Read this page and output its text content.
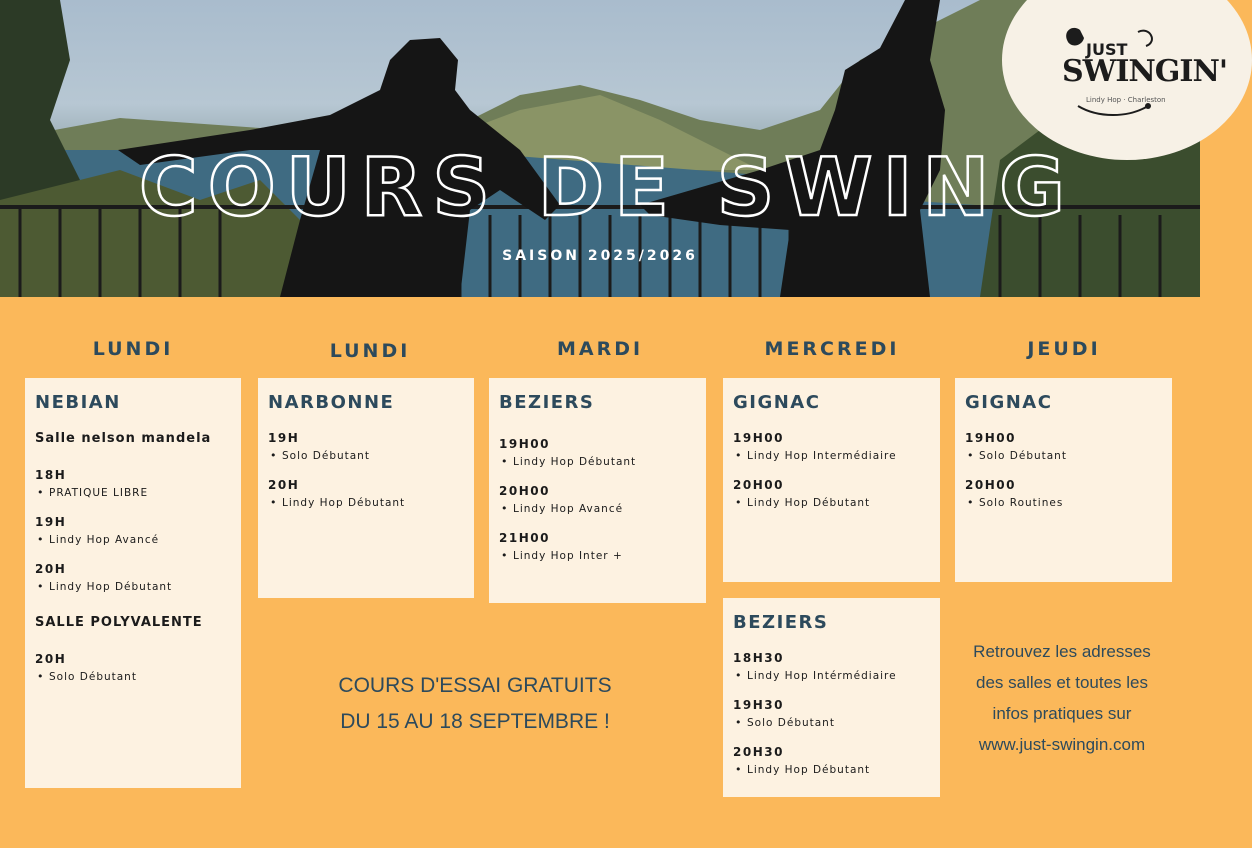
COURS DE SWING
SAISON 2025/2026
JUST
SWINGIN'
Lindy Hop · Charleston
LUNDI	LUNDI	MARDI	MERCREDI	JEUDI
NEBIAN
Salle nelson mandela
18H
• PRATIQUE LIBRE
19H
• Lindy Hop Avancé
20H
• Lindy Hop Débutant
SALLE POLYVALENTE
20H
• Solo Débutant
NARBONNE
19H
• Solo Débutant
20H
• Lindy Hop Débutant
BEZIERS
19H00
• Lindy Hop Débutant
20H00
• Lindy Hop Avancé
21H00
• Lindy Hop Inter +
GIGNAC
19H00
• Lindy Hop Intermédiaire
20H00
• Lindy Hop Débutant
BEZIERS
18H30
• Lindy Hop Intérmédiaire
19H30
• Solo Débutant
20H30
• Lindy Hop Débutant
GIGNAC
19H00
• Solo Débutant
20H00
• Solo Routines
COURS D'ESSAI GRATUITS
DU 15 AU 18 SEPTEMBRE !
Retrouvez les adresses
des salles et toutes les
infos pratiques sur
www.just-swingin.com
